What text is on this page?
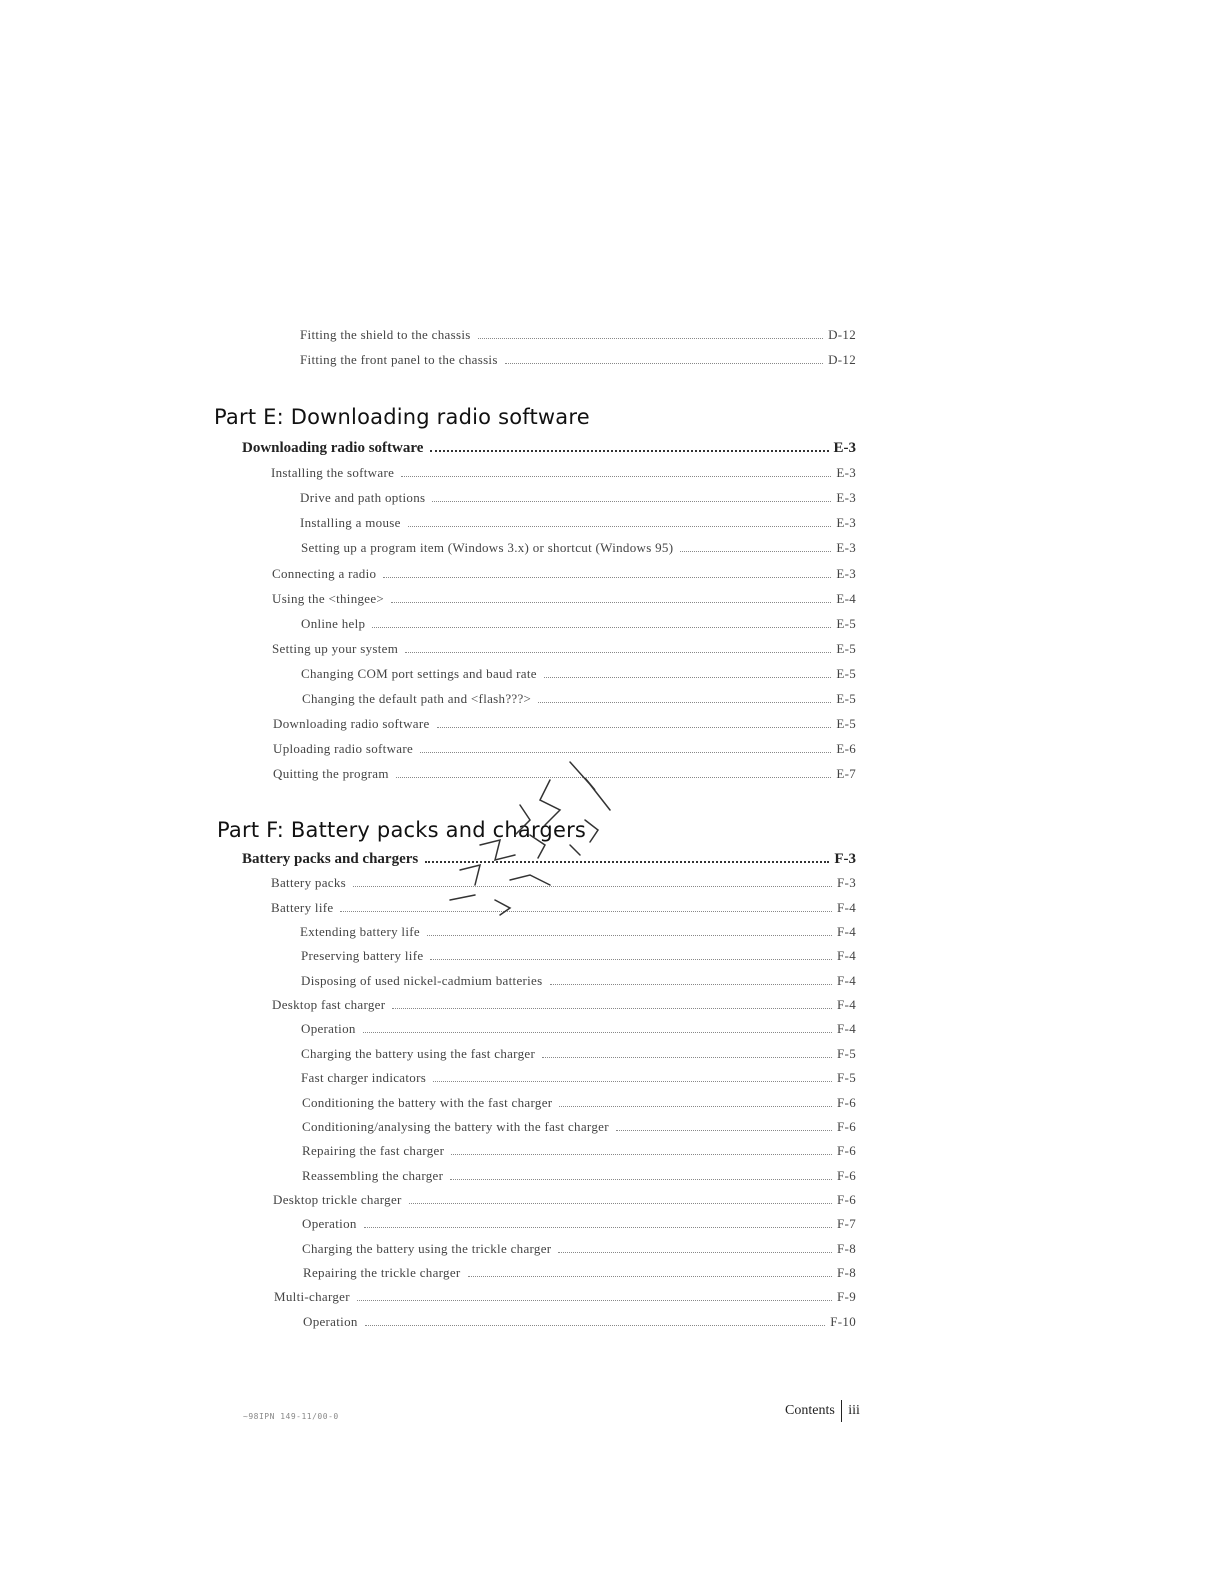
Fitting the shield to the chassis	D-12
Fitting the front panel to the chassis	D-12
Part E: Downloading radio software
Downloading radio software	E-3
Installing the software	E-3
Drive and path options	E-3
Installing a mouse	E-3
Setting up a program item (Windows 3.x) or shortcut (Windows 95)	E-3
Connecting a radio	E-3
Using the <thingee>	E-4
Online help	E-5
Setting up your system	E-5
Changing COM port settings and baud rate	E-5
Changing the default path and <flash???>	E-5
Downloading radio software	E-5
Uploading radio software	E-6
Quitting the program	E-7
Part F: Battery packs and chargers
Battery packs and chargers	F-3
Battery packs	F-3
Battery life	F-4
Extending battery life	F-4
Preserving battery life	F-4
Disposing of used nickel-cadmium batteries	F-4
Desktop fast charger	F-4
Operation	F-4
Charging the battery using the fast charger	F-5
Fast charger indicators	F-5
Conditioning the battery with the fast charger	F-6
Conditioning/analysing the battery with the fast charger	F-6
Repairing the fast charger	F-6
Reassembling the charger	F-6
Desktop trickle charger	F-6
Operation	F-7
Charging the battery using the trickle charger	F-8
Repairing the trickle charger	F-8
Multi-charger	F-9
Operation	F-10
~98IPN 149-11/00-0	Contents iii
